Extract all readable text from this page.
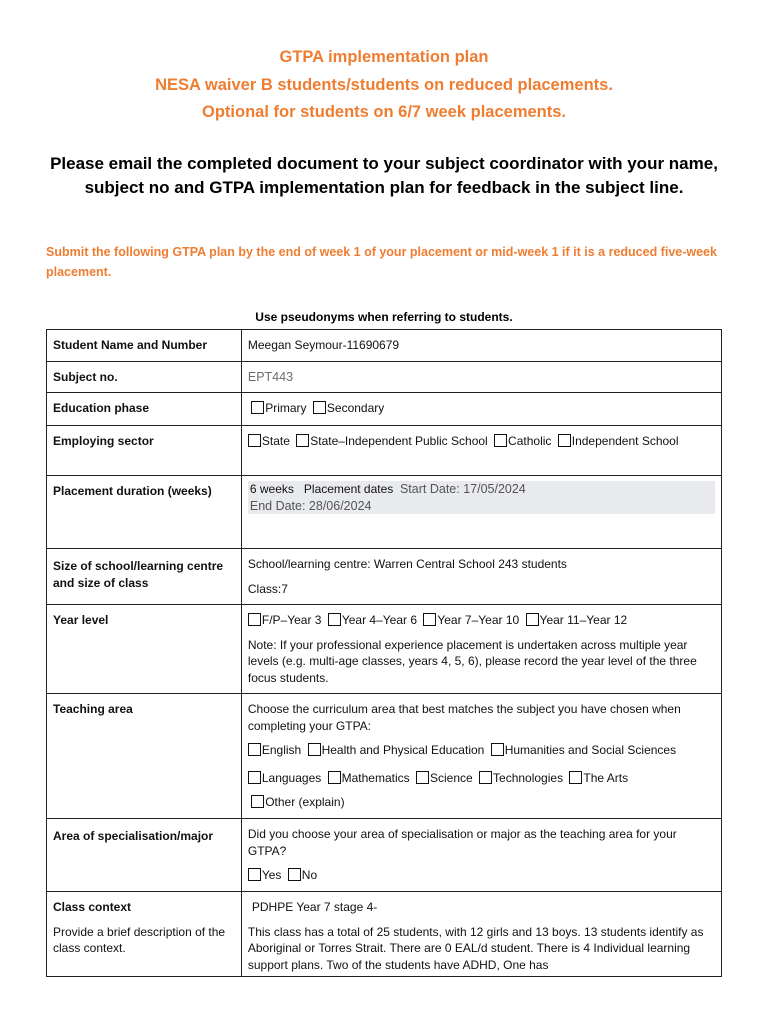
GTPA implementation plan
NESA waiver B students/students on reduced placements.
Optional for students on 6/7 week placements.
Please email the completed document to your subject coordinator with your name, subject no and GTPA implementation plan for feedback in the subject line.
Submit the following GTPA plan by the end of week 1 of your placement or mid-week 1 if it is a reduced five-week placement.
Use pseudonyms when referring to students.
Student Name and Number	Meegan Seymour-11690679
Subject no.	EPT443
Education phase	Primary Secondary
Employing sector	State State–Independent Public School Catholic Independent School
Placement duration (weeks)	6 weeks Placement dates Start Date: 17/05/2024
End Date: 28/06/2024

Size of school/learning centre and size of class	School/learning centre: Warren Central School 243 students
Class:7

Year level	F/P–Year 3 Year 4–Year 6 Year 7–Year 10 Year 11–Year 12
Note: If your professional experience placement is undertaken across multiple year levels (e.g. multi-age classes, years 4, 5, 6), please record the year level of the three focus students.

Teaching area	Choose the curriculum area that best matches the subject you have chosen when completing your GTPA:
English Health and Physical Education Humanities and Social Sciences
Languages Mathematics Science Technologies The Arts
Other (explain)

Area of specialisation/major	Did you choose your area of specialisation or major as the teaching area for your GTPA?
Yes No

Class context
Provide a brief description of the class context.	PDHPE Year 7 stage 4-
This class has a total of 25 students, with 12 girls and 13 boys. 13 students identify as Aboriginal or Torres Strait. There are 0 EAL/d student. There is 4 Individual learning support plans. Two of the students have ADHD, One has
